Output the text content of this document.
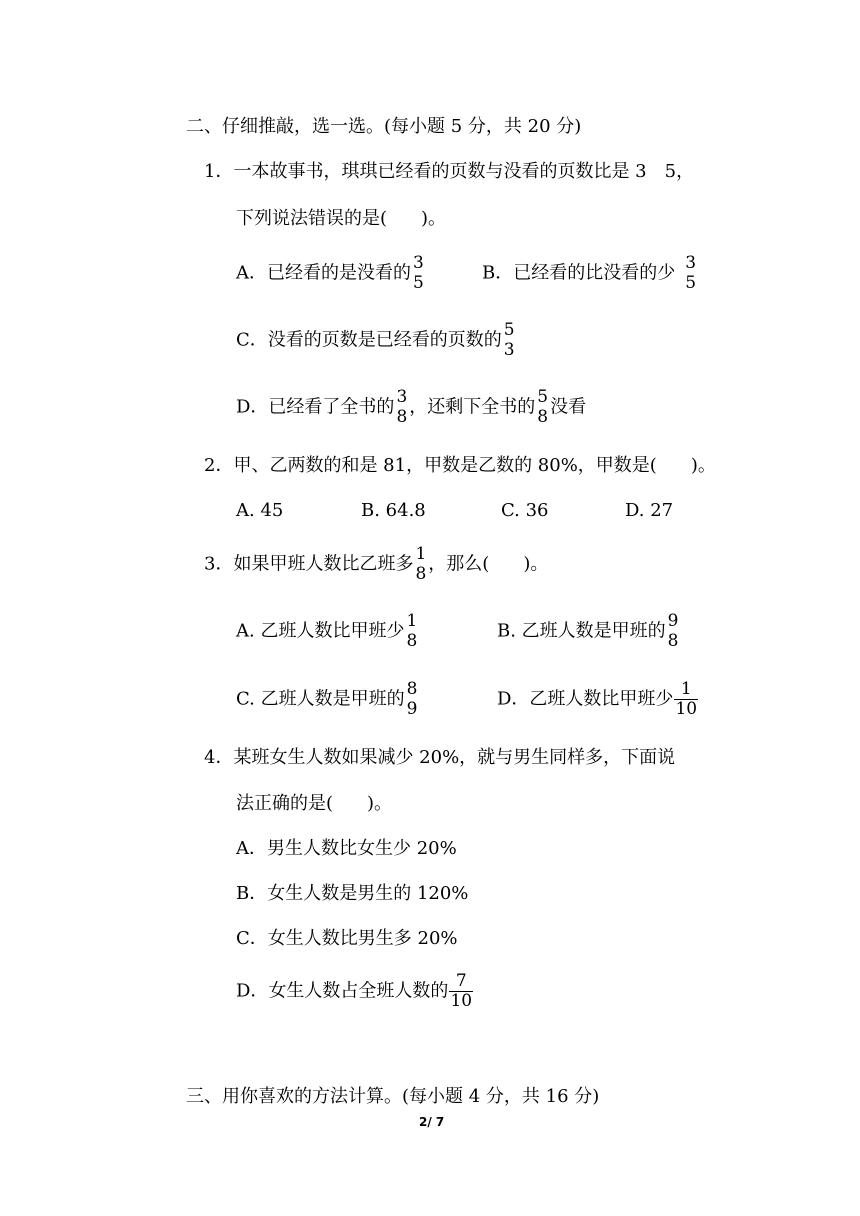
二、仔细推敲，选一选。(每小题 5 分，共 20 分)
1．一本故事书，琪琪已经看的页数与没看的页数比是 3　5，
下列说法错误的是( )。
A．已经看的是没看的 3
5	B．已经看的比没看的少 3
5
C．没看的页数是已经看的页数的 5
3
D．已经看了全书的 3
8 ，还剩下全书的 5
8 没看
2．甲、乙两数的和是 81，甲数是乙数的 80%，甲数是( )。
A. 45	B. 64.8	C. 36	D. 27
3．如果甲班人数比乙班多 1
8 ，那么( )。
A. 乙班人数比甲班少 1
8	B. 乙班人数是甲班的 9
8
C. 乙班人数是甲班的 8
9	D．乙班人数比甲班少 $\frac{1}{10}$
4．某班女生人数如果减少 20%，就与男生同样多，下面说
法正确的是( )。
A．男生人数比女生少 20%
B．女生人数是男生的 120%
C．女生人数比男生多 20%
D．女生人数占全班人数的 $\frac{7}{10}$
三、用你喜欢的方法计算。(每小题 4 分，共 16 分)
2/ 7
